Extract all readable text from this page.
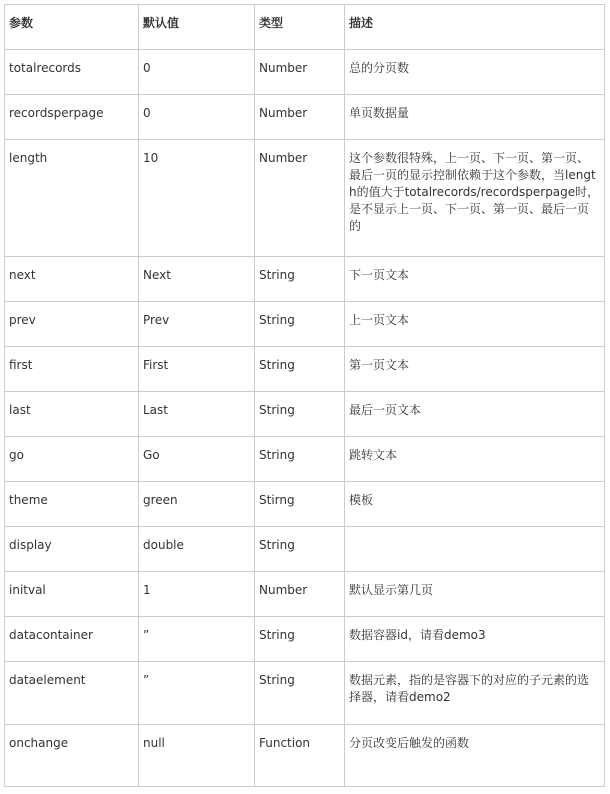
参数	默认值	类型	描述
totalrecords	0	Number	总的分页数
recordsperpage	0	Number	单页数据量
length	10	Number	这个参数很特殊，上一页、下一页、第一页、最后一页的显示控制依赖于这个参数，当length的值大于totalrecords/recordsperpage时，是不显示上一页、下一页、第一页、最后一页的
next	Next	String	下一页文本
prev	Prev	String	上一页文本
first	First	String	第一页文本
last	Last	String	最后一页文本
go	Go	String	跳转文本
theme	green	Stirng	模板
display	double	String	
initval	1	Number	默认显示第几页
datacontainer	”	String	数据容器id，请看demo3
dataelement	”	String	数据元素，指的是容器下的对应的子元素的选择器，请看demo2
onchange	null	Function	分页改变后触发的函数
